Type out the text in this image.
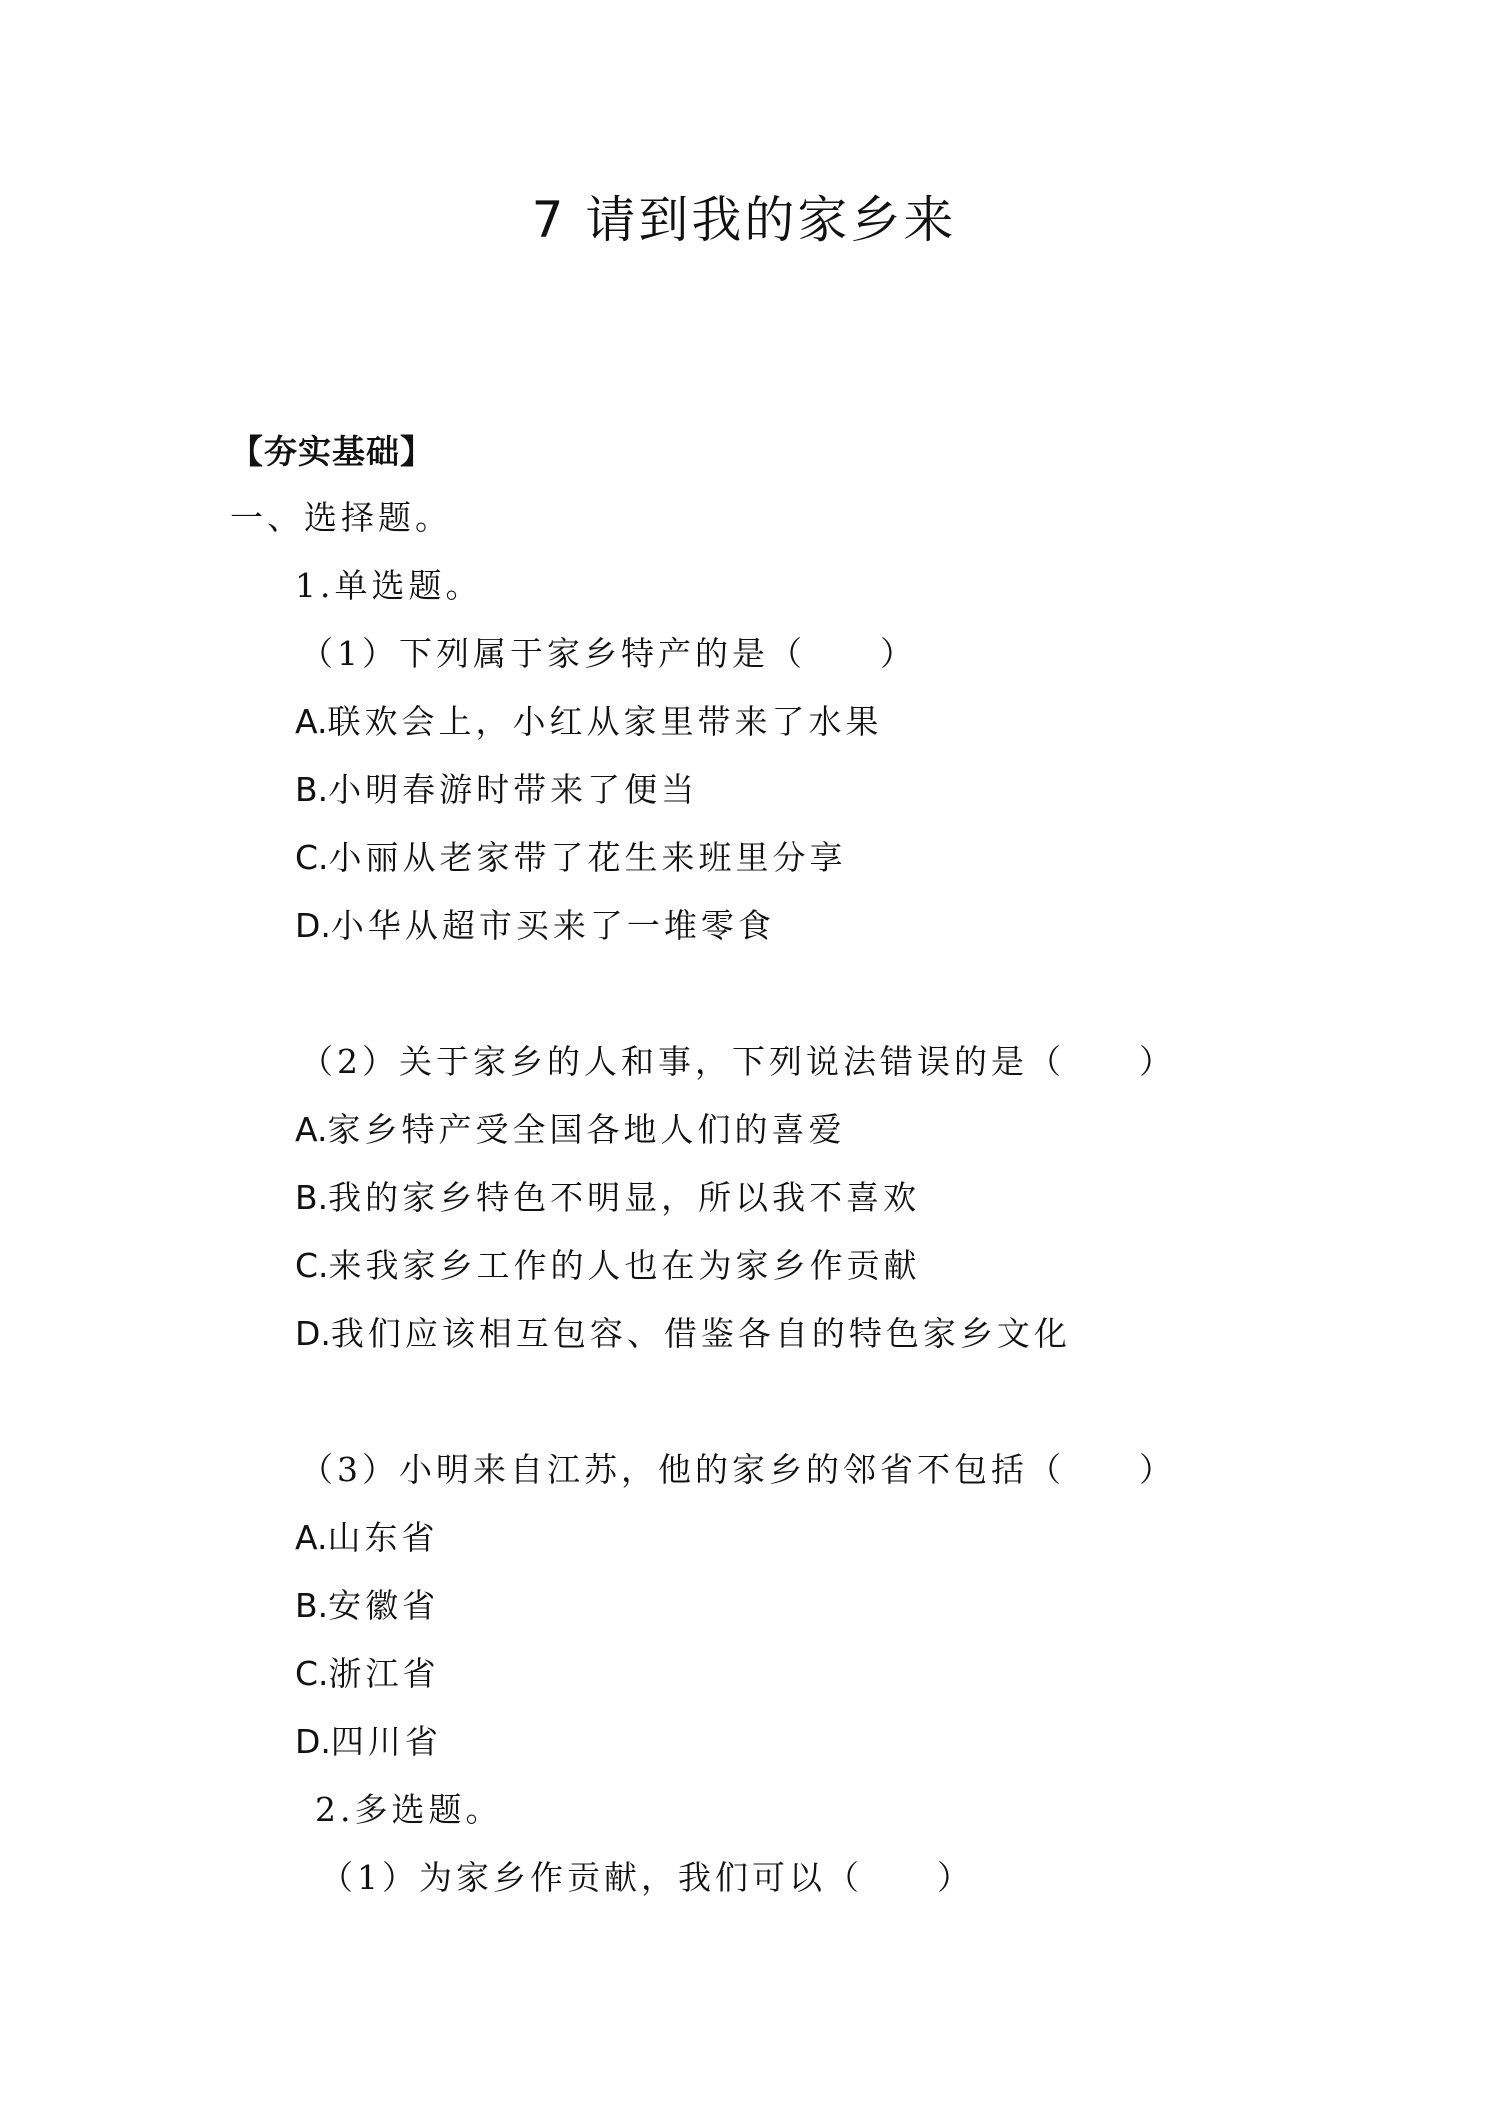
7 请到我的家乡来
【夯实基础】
一、选择题。
1.单选题。
（1）下列属于家乡特产的是（　　）
A.联欢会上，小红从家里带来了水果
B.小明春游时带来了便当
C.小丽从老家带了花生来班里分享
D.小华从超市买来了一堆零食
（2）关于家乡的人和事，下列说法错误的是（　　）
A.家乡特产受全国各地人们的喜爱
B.我的家乡特色不明显，所以我不喜欢
C.来我家乡工作的人也在为家乡作贡献
D.我们应该相互包容、借鉴各自的特色家乡文化
（3）小明来自江苏，他的家乡的邻省不包括（　　）
A.山东省
B.安徽省
C.浙江省
D.四川省
2.多选题。
（1）为家乡作贡献，我们可以（　　）
